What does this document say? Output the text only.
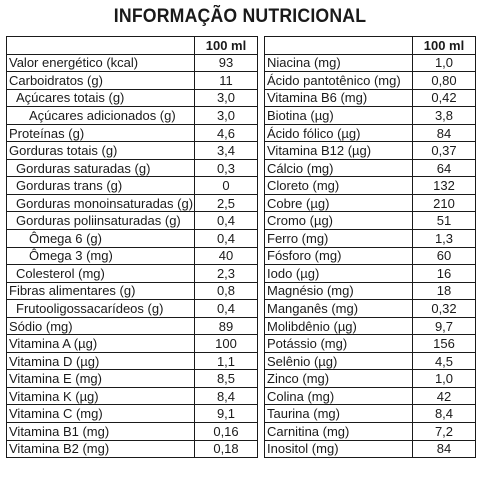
INFORMAÇÃO NUTRICIONAL
	100 ml
Valor energético (kcal)	93
Carboidratos (g)	11
Açúcares totais (g)	3,0
Açúcares adicionados (g)	3,0
Proteínas (g)	4,6
Gorduras totais (g)	3,4
Gorduras saturadas (g)	0,3
Gorduras trans (g)	0
Gorduras monoinsaturadas (g)	2,5
Gorduras poliinsaturadas (g)	0,4
Ômega 6 (g)	0,4
Ômega 3 (mg)	40
Colesterol (mg)	2,3
Fibras alimentares (g)	0,8
Frutooligossacarídeos (g)	0,4
Sódio (mg)	89
Vitamina A (µg)	100
Vitamina D (µg)	1,1
Vitamina E (mg)	8,5
Vitamina K (µg)	8,4
Vitamina C (mg)	9,1
Vitamina B1 (mg)	0,16
Vitamina B2 (mg)	0,18
	100 ml
Niacina (mg)	1,0
Ácido pantotênico (mg)	0,80
Vitamina B6 (mg)	0,42
Biotina (µg)	3,8
Ácido fólico (µg)	84
Vitamina B12 (µg)	0,37
Cálcio (mg)	64
Cloreto (mg)	132
Cobre (µg)	210
Cromo (µg)	51
Ferro (mg)	1,3
Fósforo (mg)	60
Iodo (µg)	16
Magnésio (mg)	18
Manganês (mg)	0,32
Molibdênio (µg)	9,7
Potássio (mg)	156
Selênio (µg)	4,5
Zinco (mg)	1,0
Colina (mg)	42
Taurina (mg)	8,4
Carnitina (mg)	7,2
Inositol (mg)	84
